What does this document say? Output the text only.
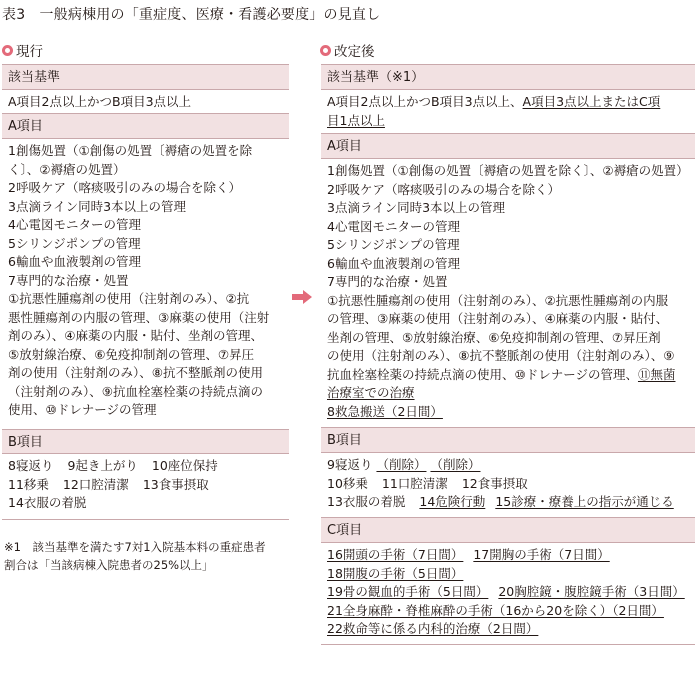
表3　一般病棟用の「重症度、医療・看護必要度」の見直し
現行	改定後
該当基準
A項目2点以上かつB項目3点以上
A項目
1創傷処置（①創傷の処置〔褥瘡の処置を除
く〕、②褥瘡の処置）
2呼吸ケア（喀痰吸引のみの場合を除く）
3点滴ライン同時3本以上の管理
4心電図モニターの管理
5シリンジポンプの管理
6輸血や血液製剤の管理
7専門的な治療・処置
①抗悪性腫瘍剤の使用（注射剤のみ）、②抗
悪性腫瘍剤の内服の管理、③麻薬の使用（注射
剤のみ）、④麻薬の内服・貼付、坐剤の管理、
⑤放射線治療、⑥免疫抑制剤の管理、⑦昇圧
剤の使用（注射剤のみ）、⑧抗不整脈剤の使用
（注射剤のみ）、⑨抗血栓塞栓薬の持続点滴の
使用、⑩ドレナージの管理
B項目
8寝返り 9起き上がり 10座位保持
11移乗 12口腔清潔 13食事摂取
14衣服の着脱
※1　該当基準を満たす7対1入院基本料の重症患者
割合は「当該病棟入院患者の25%以上」
該当基準（※1）
A項目2点以上かつB項目3点以上、A項目3点以上またはC項
目1点以上
A項目
1創傷処置（①創傷の処置〔褥瘡の処置を除く〕、②褥瘡の処置）
2呼吸ケア（喀痰吸引のみの場合を除く）
3点滴ライン同時3本以上の管理
4心電図モニターの管理
5シリンジポンプの管理
6輸血や血液製剤の管理
7専門的な治療・処置
①抗悪性腫瘍剤の使用（注射剤のみ）、②抗悪性腫瘍剤の内服
の管理、③麻薬の使用（注射剤のみ）、④麻薬の内服・貼付、
坐剤の管理、⑤放射線治療、⑥免疫抑制剤の管理、⑦昇圧剤
の使用（注射剤のみ）、⑧抗不整脈剤の使用（注射剤のみ）、⑨
抗血栓塞栓薬の持続点滴の使用、⑩ドレナージの管理、⑪無菌
治療室での治療
8救急搬送（2日間）
B項目
9寝返り （削除） （削除）
10移乗 11口腔清潔 12食事摂取
13衣服の着脱 14危険行動 15診療・療養上の指示が通じる
C項目
16開頭の手術（7日間） 17開胸の手術（7日間）
18開腹の手術（5日間）
19骨の観血的手術（5日間） 20胸腔鏡・腹腔鏡手術（3日間）
21全身麻酔・脊椎麻酔の手術（16から20を除く）（2日間）
22救命等に係る内科的治療（2日間）
